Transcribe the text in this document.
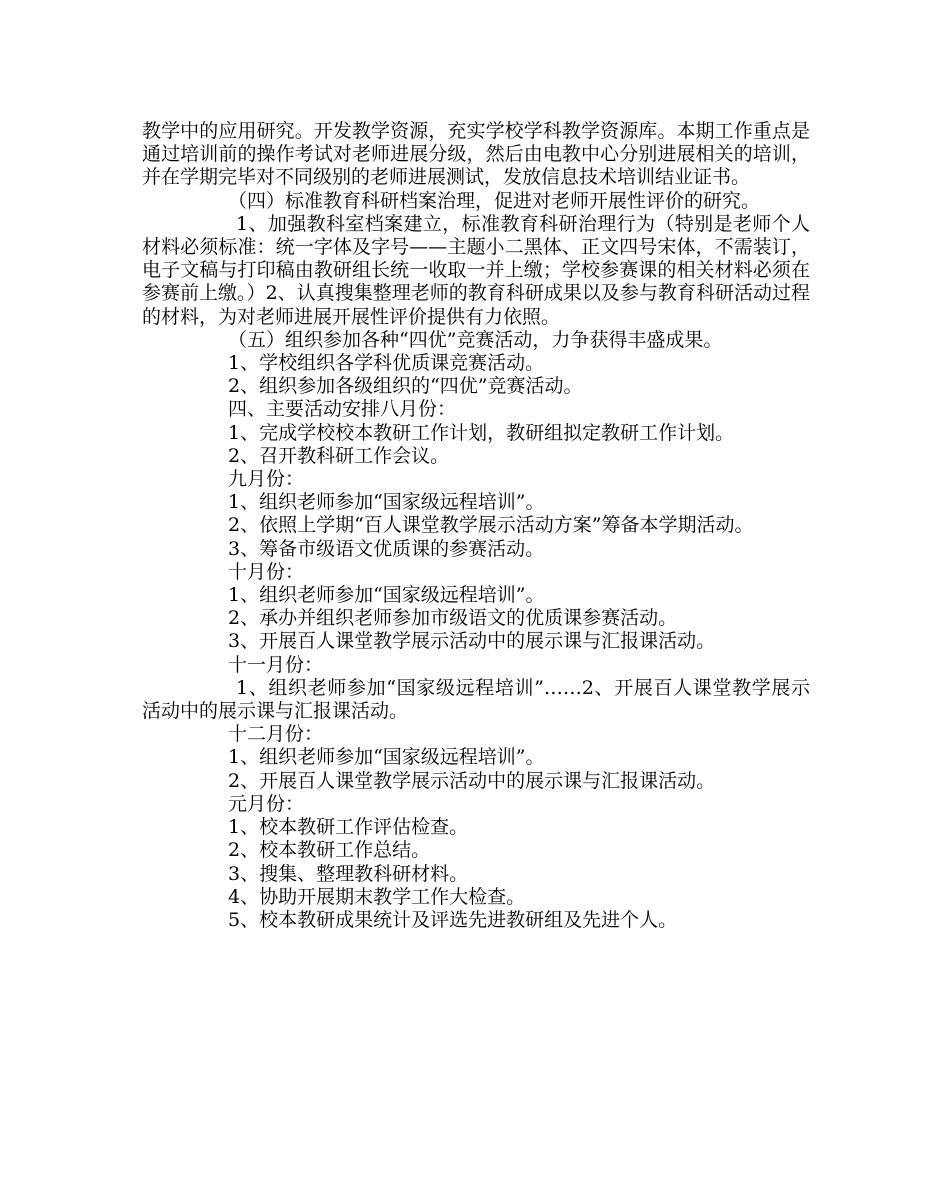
教学中的应用研究。开发教学资源，充实学校学科教学资源库。本期工作重点是通过培训前的操作考试对老师进展分级，然后由电教中心分别进展相关的培训，并在学期完毕对不同级别的老师进展测试，发放信息技术培训结业证书。

（四）标准教育科研档案治理，促进对老师开展性评价的研究。

1、加强教科室档案建立，标准教育科研治理行为（特别是老师个人材料必须标准：统一字体及字号——主题小二黑体、正文四号宋体，不需装订，电子文稿与打印稿由教研组长统一收取一并上缴；学校参赛课的相关材料必须在参赛前上缴。）2、认真搜集整理老师的教育科研成果以及参与教育科研活动过程的材料，为对老师进展开展性评价提供有力依照。

（五）组织参加各种“四优”竞赛活动，力争获得丰盛成果。

1、学校组织各学科优质课竞赛活动。

2、组织参加各级组织的“四优”竞赛活动。

四、主要活动安排八月份：

1、完成学校校本教研工作计划，教研组拟定教研工作计划。

2、召开教科研工作会议。

九月份：

1、组织老师参加“国家级远程培训”。

2、依照上学期“百人课堂教学展示活动方案”筹备本学期活动。

3、筹备市级语文优质课的参赛活动。

十月份：

1、组织老师参加“国家级远程培训”。

2、承办并组织老师参加市级语文的优质课参赛活动。

3、开展百人课堂教学展示活动中的展示课与汇报课活动。

十一月份：

1、组织老师参加“国家级远程培训”……2、开展百人课堂教学展示活动中的展示课与汇报课活动。

十二月份：

1、组织老师参加“国家级远程培训”。

2、开展百人课堂教学展示活动中的展示课与汇报课活动。

元月份：

1、校本教研工作评估检查。

2、校本教研工作总结。

3、搜集、整理教科研材料。

4、协助开展期末教学工作大检查。

5、校本教研成果统计及评选先进教研组及先进个人。
